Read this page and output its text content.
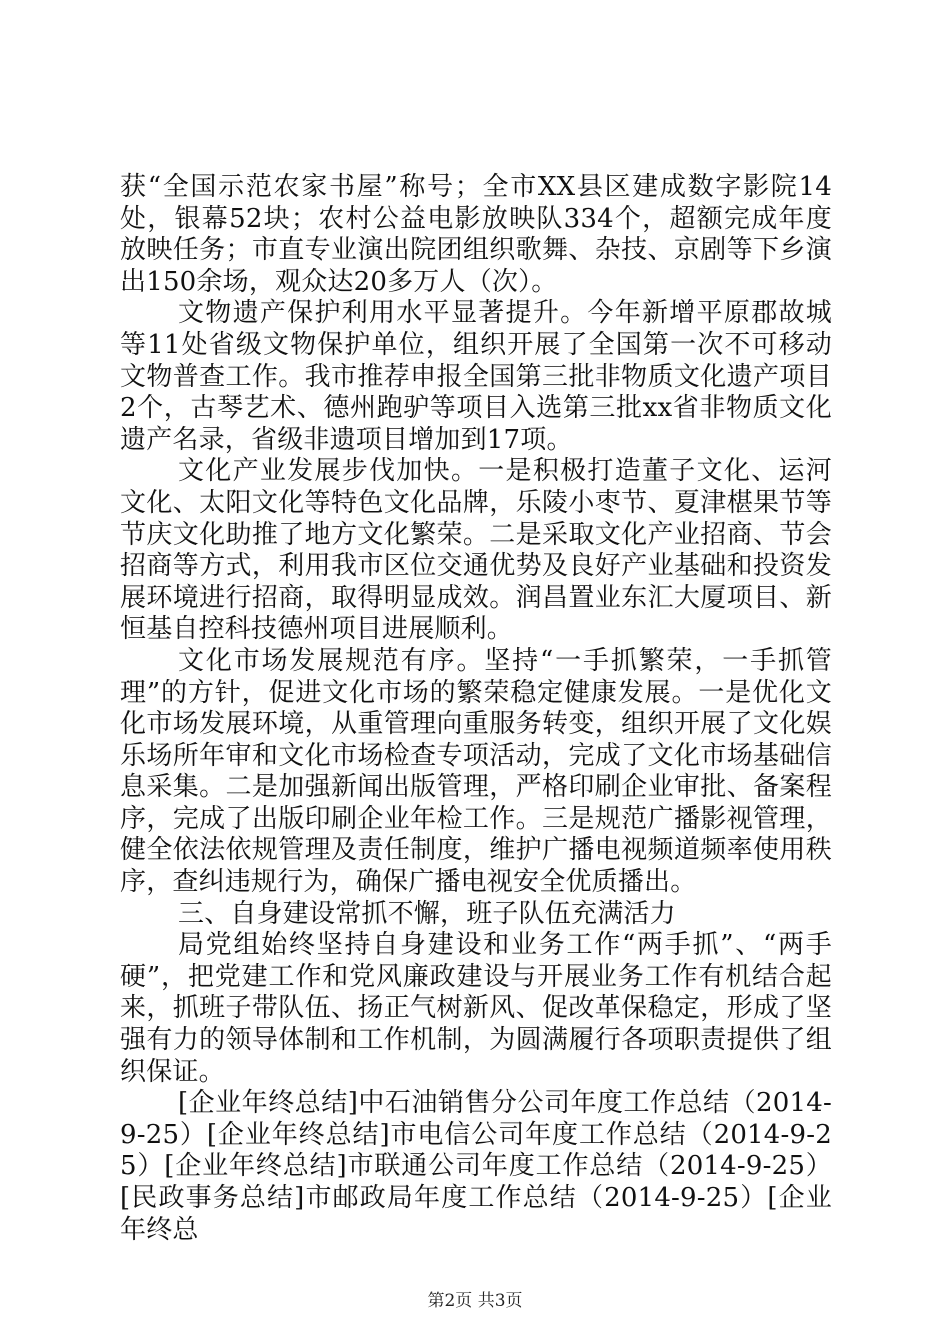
获“全国示范农家书屋”称号；全市XX县区建成数字影院14处，银幕52块；农村公益电影放映队334个，超额完成年度放映任务；市直专业演出院团组织歌舞、杂技、京剧等下乡演出150余场，观众达20多万人（次）。

文物遗产保护利用水平显著提升。今年新增平原郡故城等11处省级文物保护单位，组织开展了全国第一次不可移动文物普查工作。我市推荐申报全国第三批非物质文化遗产项目2个，古琴艺术、德州跑驴等项目入选第三批xx省非物质文化遗产名录，省级非遗项目增加到17项。

文化产业发展步伐加快。一是积极打造董子文化、运河文化、太阳文化等特色文化品牌，乐陵小枣节、夏津椹果节等节庆文化助推了地方文化繁荣。二是采取文化产业招商、节会招商等方式，利用我市区位交通优势及良好产业基础和投资发展环境进行招商，取得明显成效。润昌置业东汇大厦项目、新恒基自控科技德州项目进展顺利。

文化市场发展规范有序。坚持“一手抓繁荣，一手抓管理”的方针，促进文化市场的繁荣稳定健康发展。一是优化文化市场发展环境，从重管理向重服务转变，组织开展了文化娱乐场所年审和文化市场检查专项活动，完成了文化市场基础信息采集。二是加强新闻出版管理，严格印刷企业审批、备案程序，完成了出版印刷企业年检工作。三是规范广播影视管理，健全依法依规管理及责任制度，维护广播电视频道频率使用秩序，查纠违规行为，确保广播电视安全优质播出。

三、自身建设常抓不懈，班子队伍充满活力

局党组始终坚持自身建设和业务工作“两手抓”、“两手硬”，把党建工作和党风廉政建设与开展业务工作有机结合起来，抓班子带队伍、扬正气树新风、促改革保稳定，形成了坚强有力的领导体制和工作机制，为圆满履行各项职责提供了组织保证。

[企业年终总结]中石油销售分公司年度工作总结（2014-9-25）[企业年终总结]市电信公司年度工作总结（2014-9-25）[企业年终总结]市联通公司年度工作总结（2014-9-25）[民政事务总结]市邮政局年度工作总结（2014-9-25）[企业年终总

第2页 共3页
